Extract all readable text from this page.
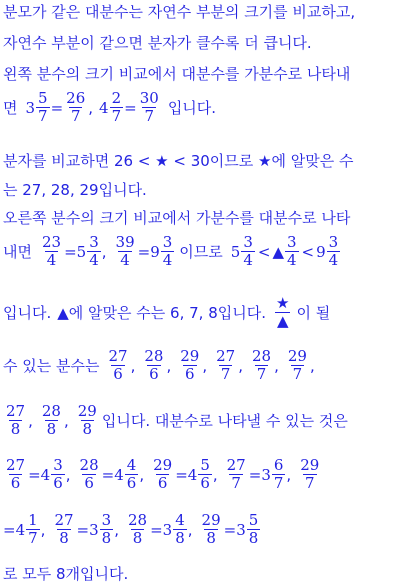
분모가 같은 대분수는 자연수 부분의 크기를 비교하고,
자연수 부분이 같으면 분자가 클수록 더 큽니다.
왼쪽 분수의 크기 비교에서 대분수를 가분수로 나타내
면 $3 \frac{5}{7} = \frac{26}{7}$ , $4 \frac{2}{7} = \frac{30}{7}$ 입니다.
분자를 비교하면 26 < ★ < 30이므로 ★에 알맞은 수
는 27, 28, 29입니다.
오른쪽 분수의 크기 비교에서 가분수를 대분수로 나타
내면 $\frac{23}{4} = 5 \frac{3}{4}$ , $\frac{39}{4} = 9 \frac{3}{4}$ 이므로 $5 \frac{3}{4}$ < ▲ $\frac{3}{4} < 9 \frac{3}{4}$
입니다. ▲ 에 알맞은 수는 6, 7, 8입니다. $\frac{★}{▲}$ 이 될
수 있는 분수는 $\frac{27}{6}$ , $\frac{28}{6}$ , $\frac{29}{6}$ , $\frac{27}{7}$ , $\frac{28}{7}$ , $\frac{29}{7}$ ,
$\frac{27}{8}$ , $\frac{28}{8}$ , $\frac{29}{8}$ 입니다. 대분수로 나타낼 수 있는 것은
$\frac{27}{6} = 4 \frac{3}{6}$ , $\frac{28}{6} = 4 \frac{4}{6}$ , $\frac{29}{6} = 4 \frac{5}{6}$ , $\frac{27}{7} = 3 \frac{6}{7}$ , $\frac{29}{7}$
= $4 \frac{1}{7}$ , $\frac{27}{8} = 3 \frac{3}{8}$ , $\frac{28}{8} = 3 \frac{4}{8}$ , $\frac{29}{8} = 3 \frac{5}{8}$
로 모두 8개입니다.
